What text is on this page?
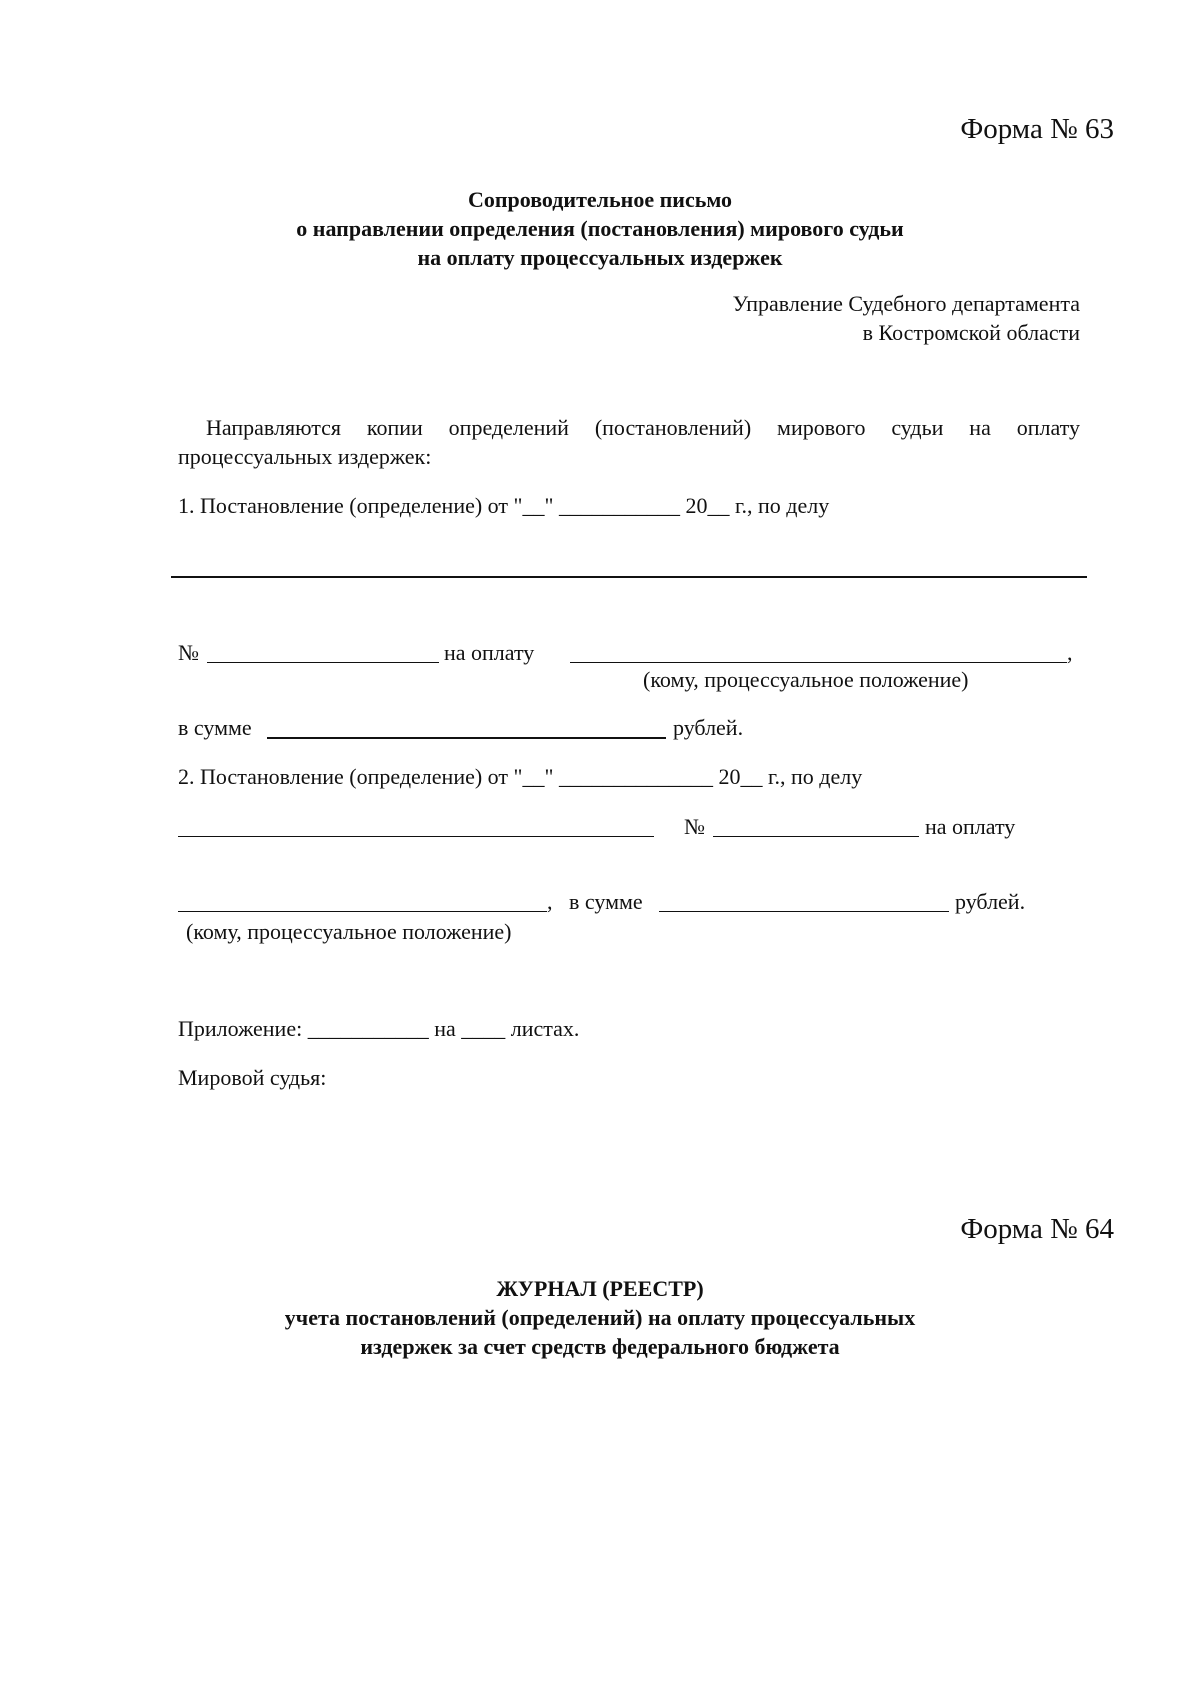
Форма № 63
Сопроводительное письмо
о направлении определения (постановления) мирового судьи
на оплату процессуальных издержек
Управление Судебного департамента
в Костромской области
Направляются копии определений (постановлений) мирового судьи на оплату процессуальных издержек:
1. Постановление (определение) от "__" ___________ 20__ г., по делу
№	на оплату	,
(кому, процессуальное положение)
в сумме	рублей.
2. Постановление (определение) от "__" ______________ 20__ г., по делу
№	на оплату
, в сумме	рублей.
(кому, процессуальное положение)
Приложение: ___________ на ____ листах.
Мировой судья:
Форма № 64
ЖУРНАЛ (РЕЕСТР)
учета постановлений (определений) на оплату процессуальных
издержек за счет средств федерального бюджета
